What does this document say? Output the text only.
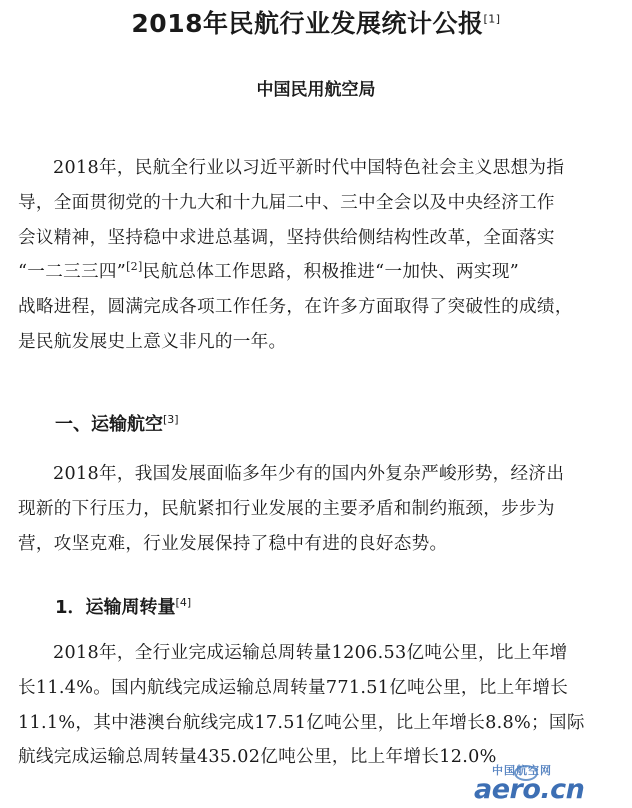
2018年民航行业发展统计公报[1]
中国民用航空局
2018年，民航全行业以习近平新时代中国特色社会主义思想为指
导，全面贯彻党的十九大和十九届二中、三中全会以及中央经济工作
会议精神，坚持稳中求进总基调，坚持供给侧结构性改革，全面落实
“一二三三四”[2]民航总体工作思路，积极推进“一加快、两实现”
战略进程，圆满完成各项工作任务，在许多方面取得了突破性的成绩，
是民航发展史上意义非凡的一年。
一、运输航空[3]
2018年，我国发展面临多年少有的国内外复杂严峻形势，经济出
现新的下行压力，民航紧扣行业发展的主要矛盾和制约瓶颈，步步为
营，攻坚克难，行业发展保持了稳中有进的良好态势。
1．运输周转量[4]
2018年，全行业完成运输总周转量1206.53亿吨公里，比上年增
长11.4%。国内航线完成运输总周转量771.51亿吨公里，比上年增长
11.1%，其中港澳台航线完成17.51亿吨公里，比上年增长8.8%；国际
航线完成运输总周转量435.02亿吨公里，比上年增长12.0%
中国航空网
aero.cn
